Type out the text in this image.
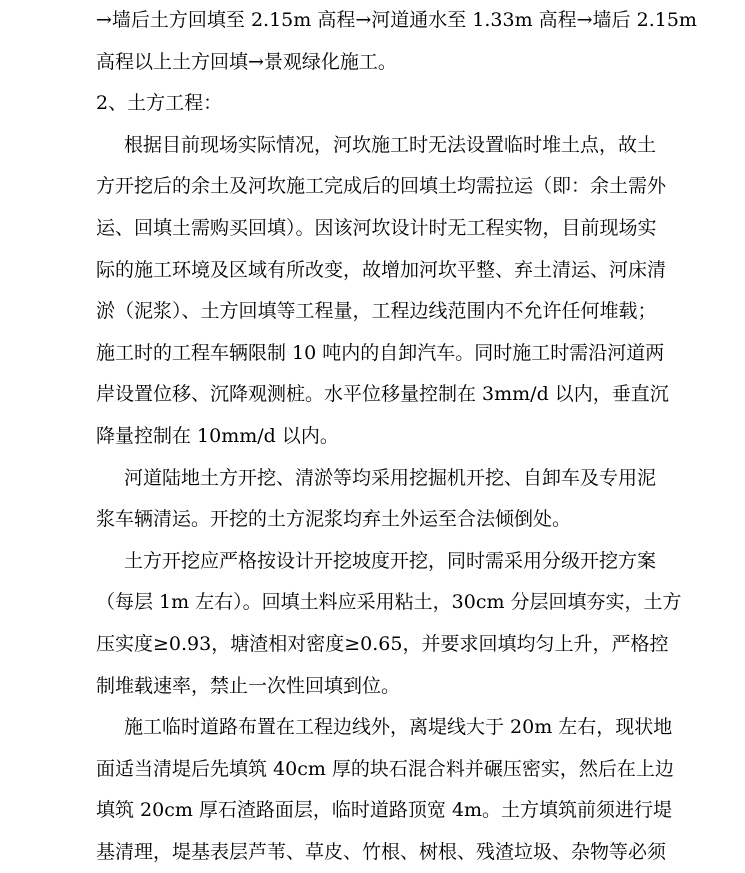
→墙后土方回填至 2.15m 高程→河道通水至 1.33m 高程→墙后 2.15m
高程以上土方回填→景观绿化施工。
2、土方工程：
根据目前现场实际情况，河坎施工时无法设置临时堆土点，故土
方开挖后的余土及河坎施工完成后的回填土均需拉运（即：余土需外
运、回填土需购买回填）。因该河坎设计时无工程实物，目前现场实
际的施工环境及区域有所改变，故增加河坎平整、弃土清运、河床清
淤（泥浆）、土方回填等工程量，工程边线范围内不允许任何堆载；
施工时的工程车辆限制 10 吨内的自卸汽车。同时施工时需沿河道两
岸设置位移、沉降观测桩。水平位移量控制在 3mm/d 以内，垂直沉
降量控制在 10mm/d 以内。
河道陆地土方开挖、清淤等均采用挖掘机开挖、自卸车及专用泥
浆车辆清运。开挖的土方泥浆均弃土外运至合法倾倒处。
土方开挖应严格按设计开挖坡度开挖，同时需采用分级开挖方案
（每层 1m 左右）。回填土料应采用粘土，30cm 分层回填夯实，土方
压实度≥0.93，塘渣相对密度≥0.65，并要求回填均匀上升，严格控
制堆载速率，禁止一次性回填到位。
施工临时道路布置在工程边线外，离堤线大于 20m 左右，现状地
面适当清堤后先填筑 40cm 厚的块石混合料并碾压密实，然后在上边
填筑 20cm 厚石渣路面层，临时道路顶宽 4m。土方填筑前须进行堤
基清理，堤基表层芦苇、草皮、竹根、树根、残渣垃圾、杂物等必须
